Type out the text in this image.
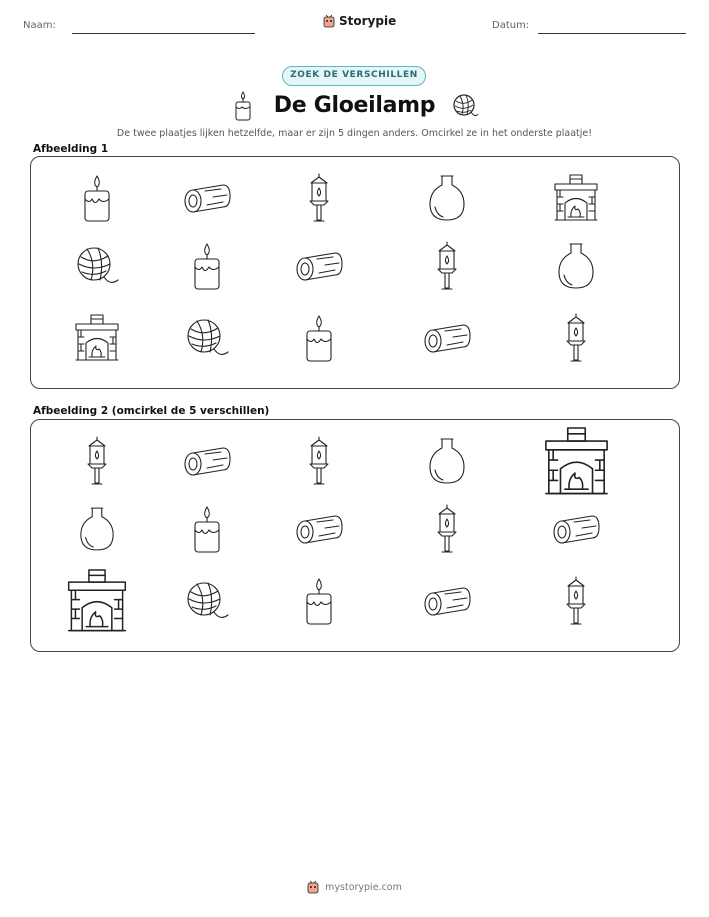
Naam:	Storypie	Datum:
ZOEK DE VERSCHILLEN
De Gloeilamp
De twee plaatjes lijken hetzelfde, maar er zijn 5 dingen anders. Omcirkel ze in het onderste plaatje!
Afbeelding 1
Afbeelding 2 (omcirkel de 5 verschillen)
mystorypie.com
